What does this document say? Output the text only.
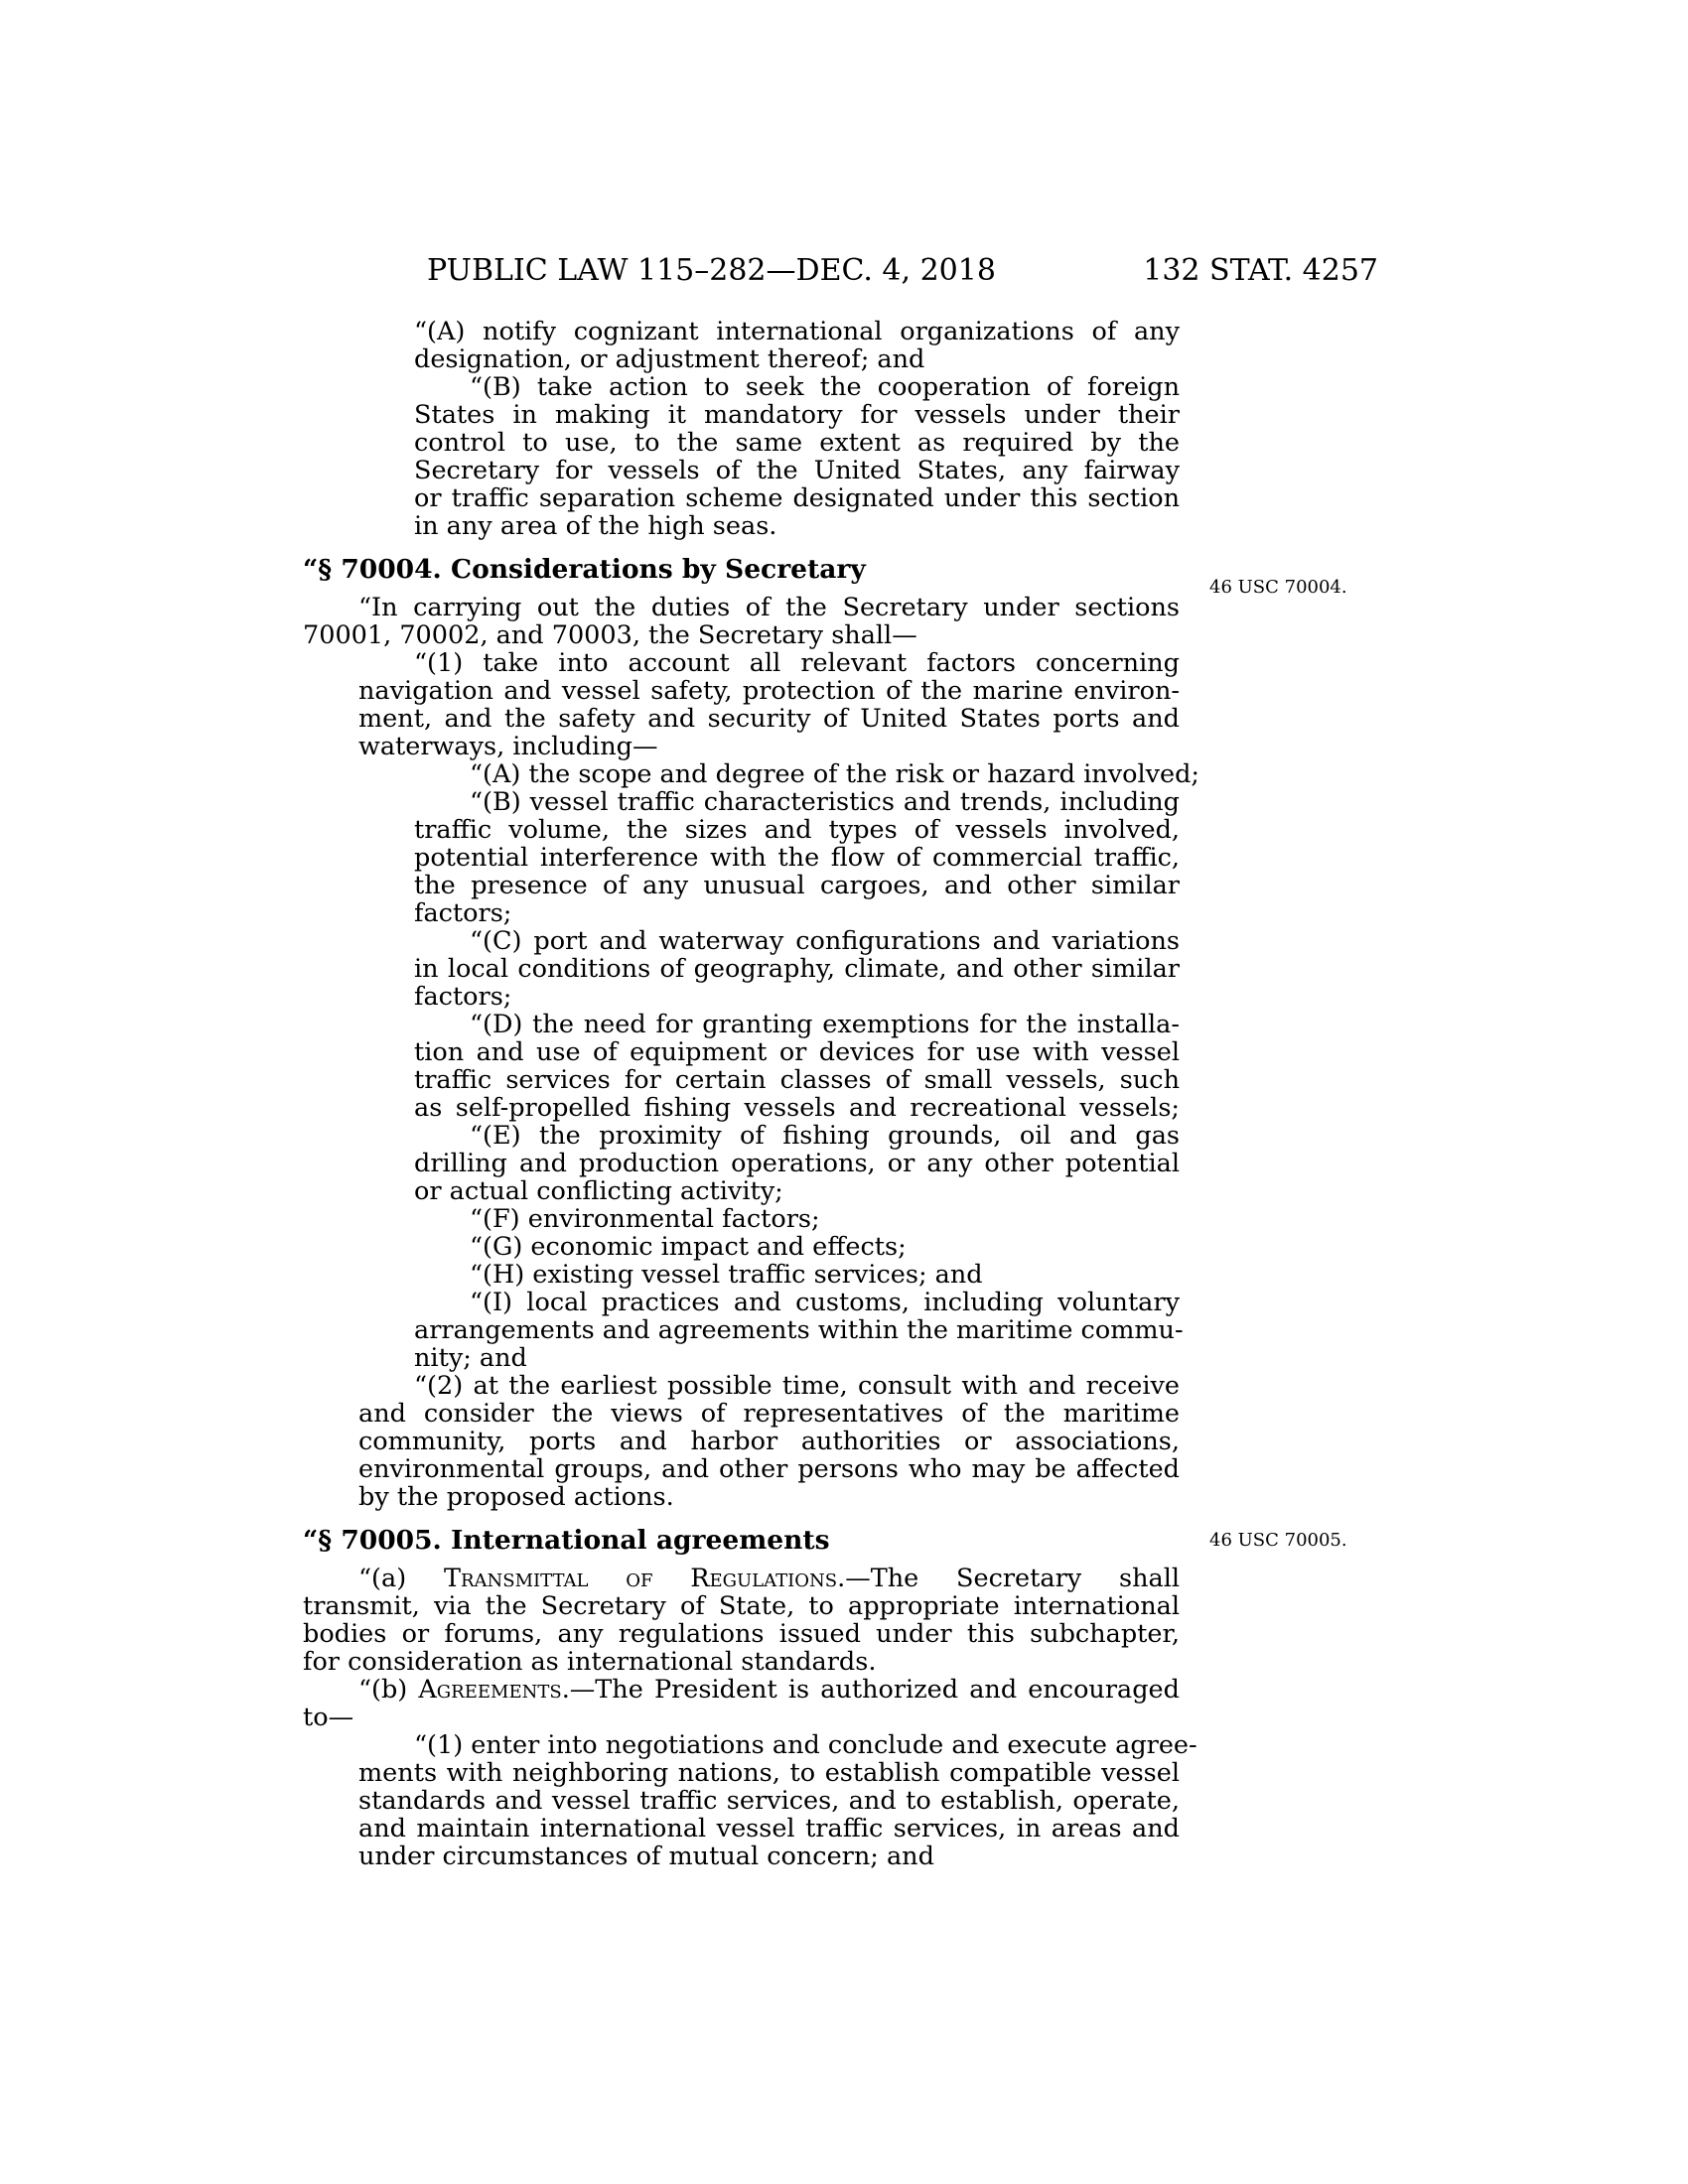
PUBLIC LAW 115–282—DEC. 4, 2018	132 STAT. 4257
46 USC 70004.
46 USC 70005.
“(A) notify cognizant international organizations of any
designation, or adjustment thereof; and
“(B) take action to seek the cooperation of foreign
States in making it mandatory for vessels under their
control to use, to the same extent as required by the
Secretary for vessels of the United States, any fairway
or traffic separation scheme designated under this section
in any area of the high seas.
“§ 70004. Considerations by Secretary
“In carrying out the duties of the Secretary under sections
70001, 70002, and 70003, the Secretary shall—
“(1) take into account all relevant factors concerning
navigation and vessel safety, protection of the marine environ-
ment, and the safety and security of United States ports and
waterways, including—
“(A) the scope and degree of the risk or hazard involved;
“(B) vessel traffic characteristics and trends, including
traffic volume, the sizes and types of vessels involved,
potential interference with the flow of commercial traffic,
the presence of any unusual cargoes, and other similar
factors;
“(C) port and waterway configurations and variations
in local conditions of geography, climate, and other similar
factors;
“(D) the need for granting exemptions for the installa-
tion and use of equipment or devices for use with vessel
traffic services for certain classes of small vessels, such
as self-propelled fishing vessels and recreational vessels;
“(E) the proximity of fishing grounds, oil and gas
drilling and production operations, or any other potential
or actual conflicting activity;
“(F) environmental factors;
“(G) economic impact and effects;
“(H) existing vessel traffic services; and
“(I) local practices and customs, including voluntary
arrangements and agreements within the maritime commu-
nity; and
“(2) at the earliest possible time, consult with and receive
and consider the views of representatives of the maritime
community, ports and harbor authorities or associations,
environmental groups, and other persons who may be affected
by the proposed actions.
“§ 70005. International agreements
“(a) Transmittal of Regulations.—The Secretary shall
transmit, via the Secretary of State, to appropriate international
bodies or forums, any regulations issued under this subchapter,
for consideration as international standards.
“(b) Agreements.—The President is authorized and encouraged
to—
“(1) enter into negotiations and conclude and execute agree-
ments with neighboring nations, to establish compatible vessel
standards and vessel traffic services, and to establish, operate,
and maintain international vessel traffic services, in areas and
under circumstances of mutual concern; and
